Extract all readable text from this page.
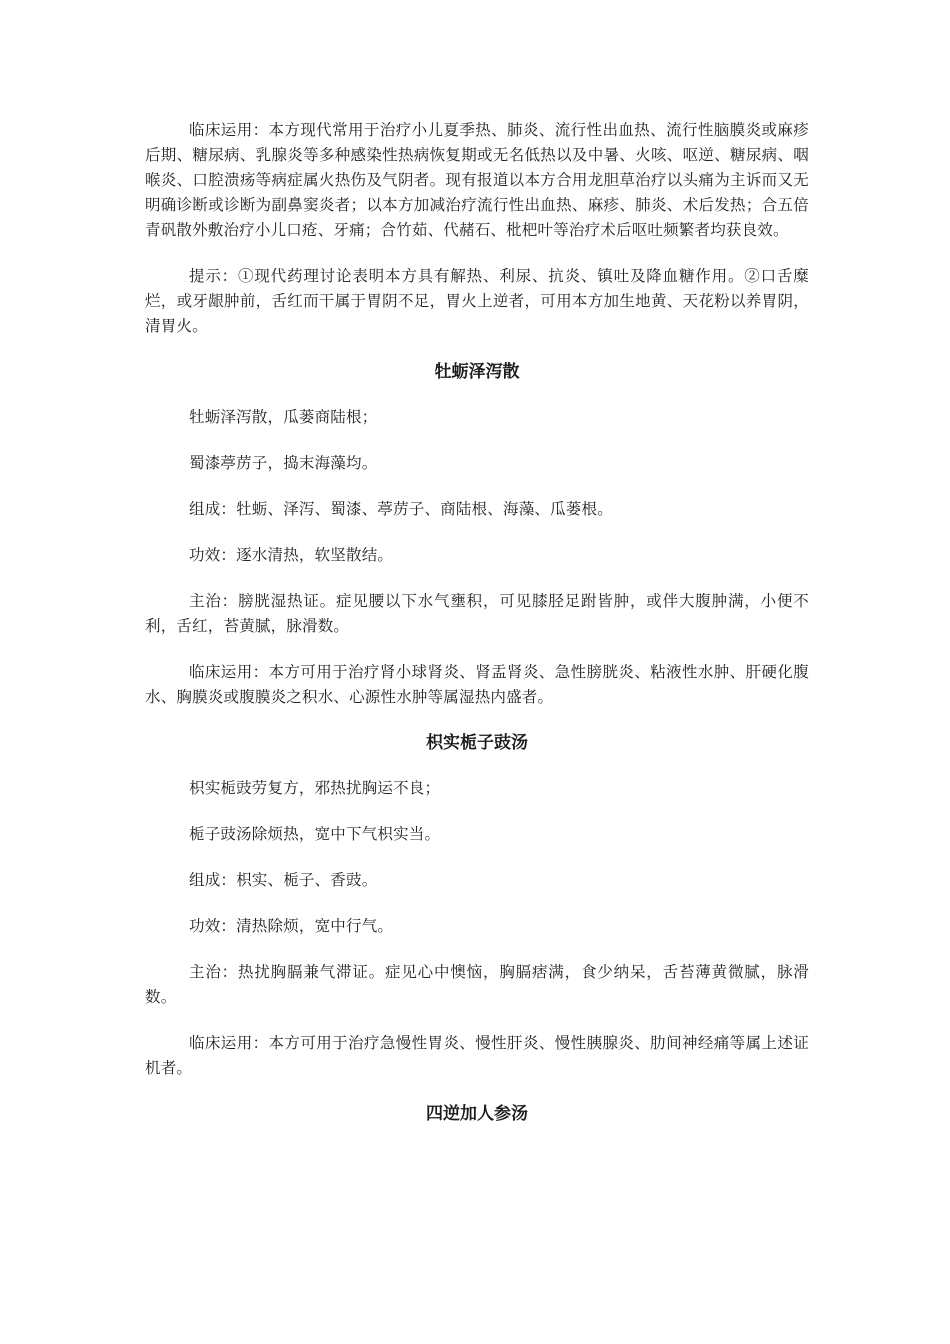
临床运用：本方现代常用于治疗小儿夏季热、肺炎、流行性出血热、流行性脑膜炎或麻疹后期、糖尿病、乳腺炎等多种感染性热病恢复期或无名低热以及中暑、火咳、呕逆、糖尿病、咽喉炎、口腔溃疡等病症属火热伤及气阴者。现有报道以本方合用龙胆草治疗以头痛为主诉而又无明确诊断或诊断为副鼻窦炎者；以本方加减治疗流行性出血热、麻疹、肺炎、术后发热；合五倍青矾散外敷治疗小儿口疮、牙痛；合竹茹、代赭石、枇杷叶等治疗术后呕吐频繁者均获良效。

提示：①现代药理讨论表明本方具有解热、利尿、抗炎、镇吐及降血糖作用。②口舌糜烂，或牙龈肿前，舌红而干属于胃阴不足，胃火上逆者，可用本方加生地黄、天花粉以养胃阴，清胃火。

牡蛎泽泻散

牡蛎泽泻散，瓜蒌商陆根；

蜀漆葶苈子，捣末海藻均。

组成：牡蛎、泽泻、蜀漆、葶苈子、商陆根、海藻、瓜蒌根。

功效：逐水清热，软坚散结。

主治：膀胱湿热证。症见腰以下水气壅积，可见膝胫足跗皆肿，或伴大腹肿满，小便不利，舌红，苔黄腻，脉滑数。

临床运用：本方可用于治疗肾小球肾炎、肾盂肾炎、急性膀胱炎、粘液性水肿、肝硬化腹水、胸膜炎或腹膜炎之积水、心源性水肿等属湿热内盛者。

枳实栀子豉汤

枳实栀豉劳复方，邪热扰胸运不良；

栀子豉汤除烦热，宽中下气枳实当。

组成：枳实、栀子、香豉。

功效：清热除烦，宽中行气。

主治：热扰胸膈兼气滞证。症见心中懊恼，胸膈痞满，食少纳呆，舌苔薄黄微腻，脉滑数。

临床运用：本方可用于治疗急慢性胃炎、慢性肝炎、慢性胰腺炎、肋间神经痛等属上述证机者。

四逆加人参汤
